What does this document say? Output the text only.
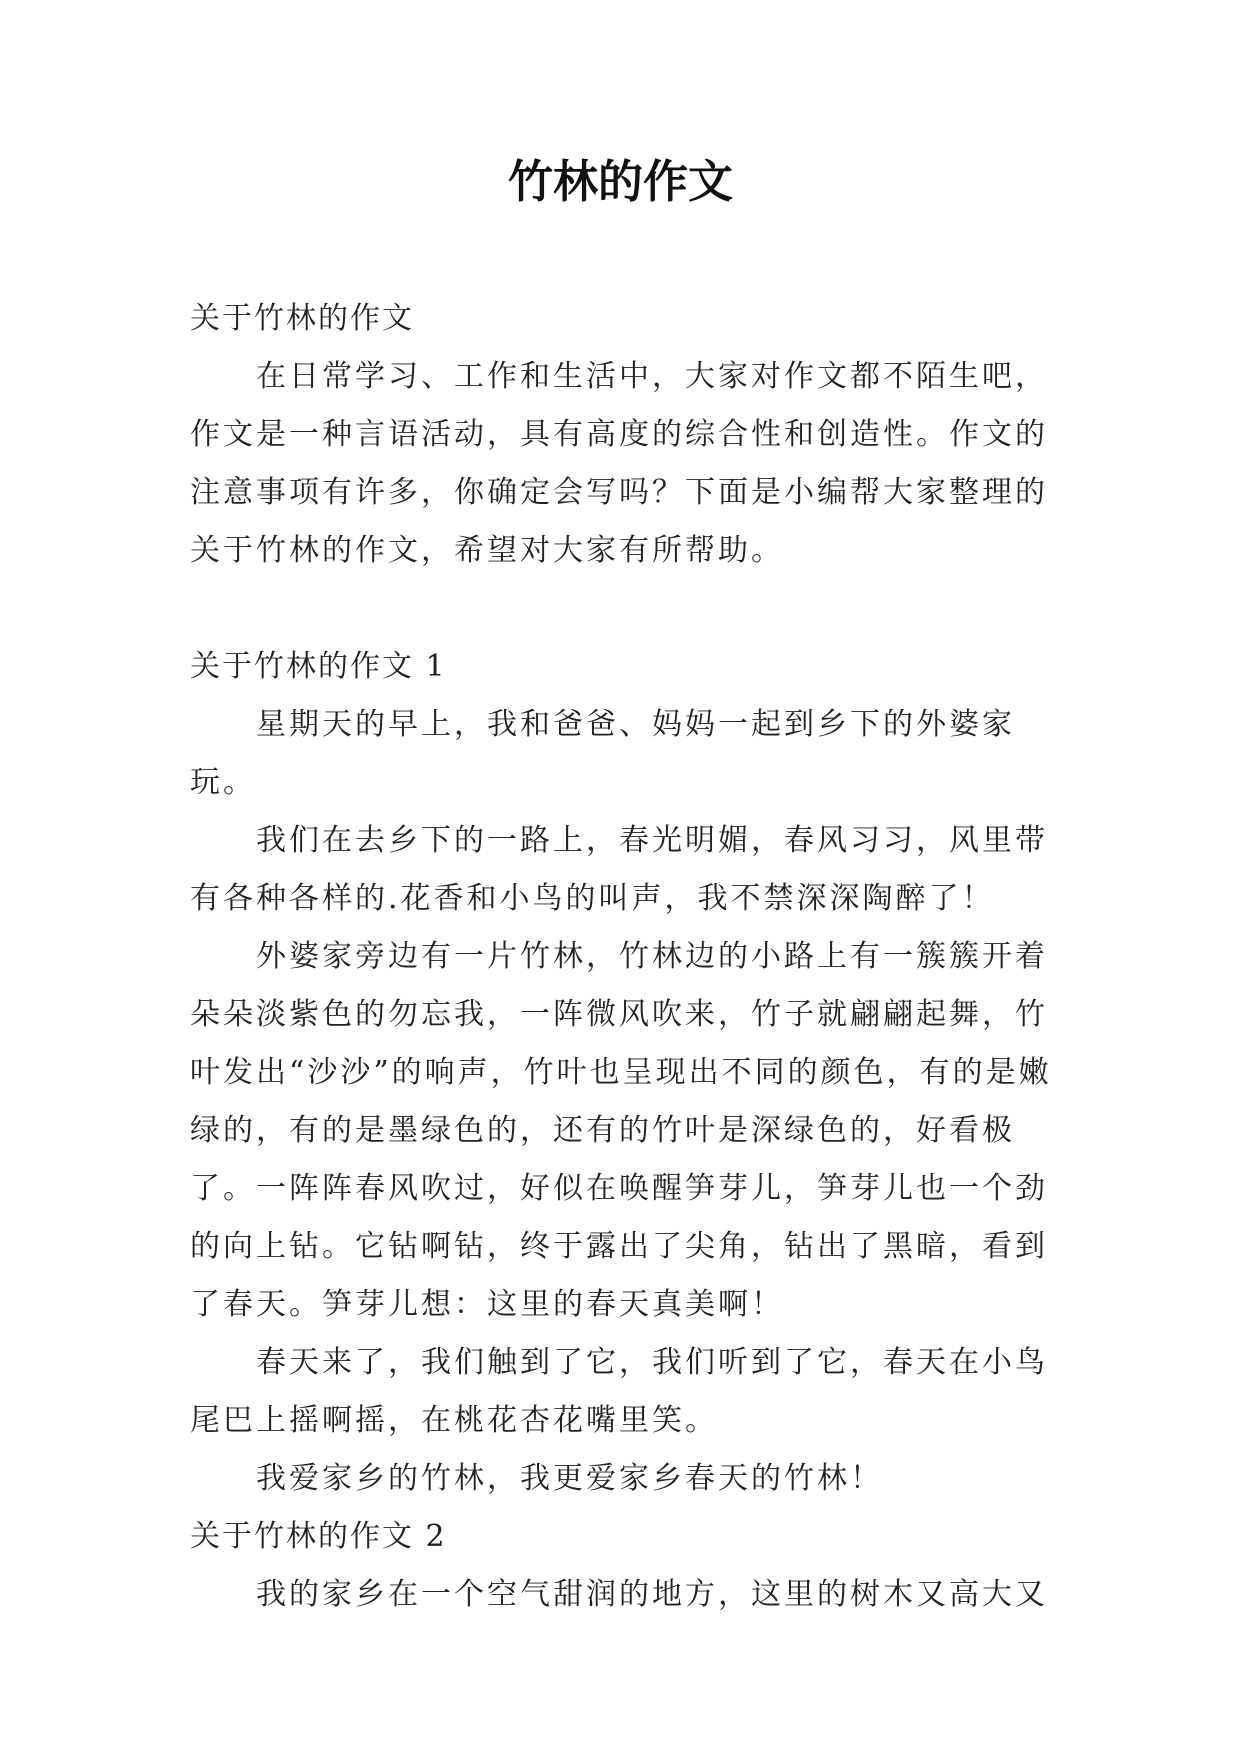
竹林的作文

关于竹林的作文

在日常学习、工作和生活中，大家对作文都不陌生吧，作文是一种言语活动，具有高度的综合性和创造性。作文的注意事项有许多，你确定会写吗？下面是小编帮大家整理的关于竹林的作文，希望对大家有所帮助。

关于竹林的作文 1

星期天的早上，我和爸爸、妈妈一起到乡下的外婆家玩。

我们在去乡下的一路上，春光明媚，春风习习，风里带有各种各样的.花香和小鸟的叫声，我不禁深深陶醉了！

外婆家旁边有一片竹林，竹林边的小路上有一簇簇开着朵朵淡紫色的勿忘我，一阵微风吹来，竹子就翩翩起舞，竹叶发出“沙沙”的响声，竹叶也呈现出不同的颜色，有的是嫩绿的，有的是墨绿色的，还有的竹叶是深绿色的，好看极了。一阵阵春风吹过，好似在唤醒笋芽儿，笋芽儿也一个劲的向上钻。它钻啊钻，终于露出了尖角，钻出了黑暗，看到了春天。笋芽儿想：这里的春天真美啊！

春天来了，我们触到了它，我们听到了它，春天在小鸟尾巴上摇啊摇，在桃花杏花嘴里笑。

我爱家乡的竹林，我更爱家乡春天的竹林！

关于竹林的作文 2

我的家乡在一个空气甜润的地方，这里的树木又高大又
